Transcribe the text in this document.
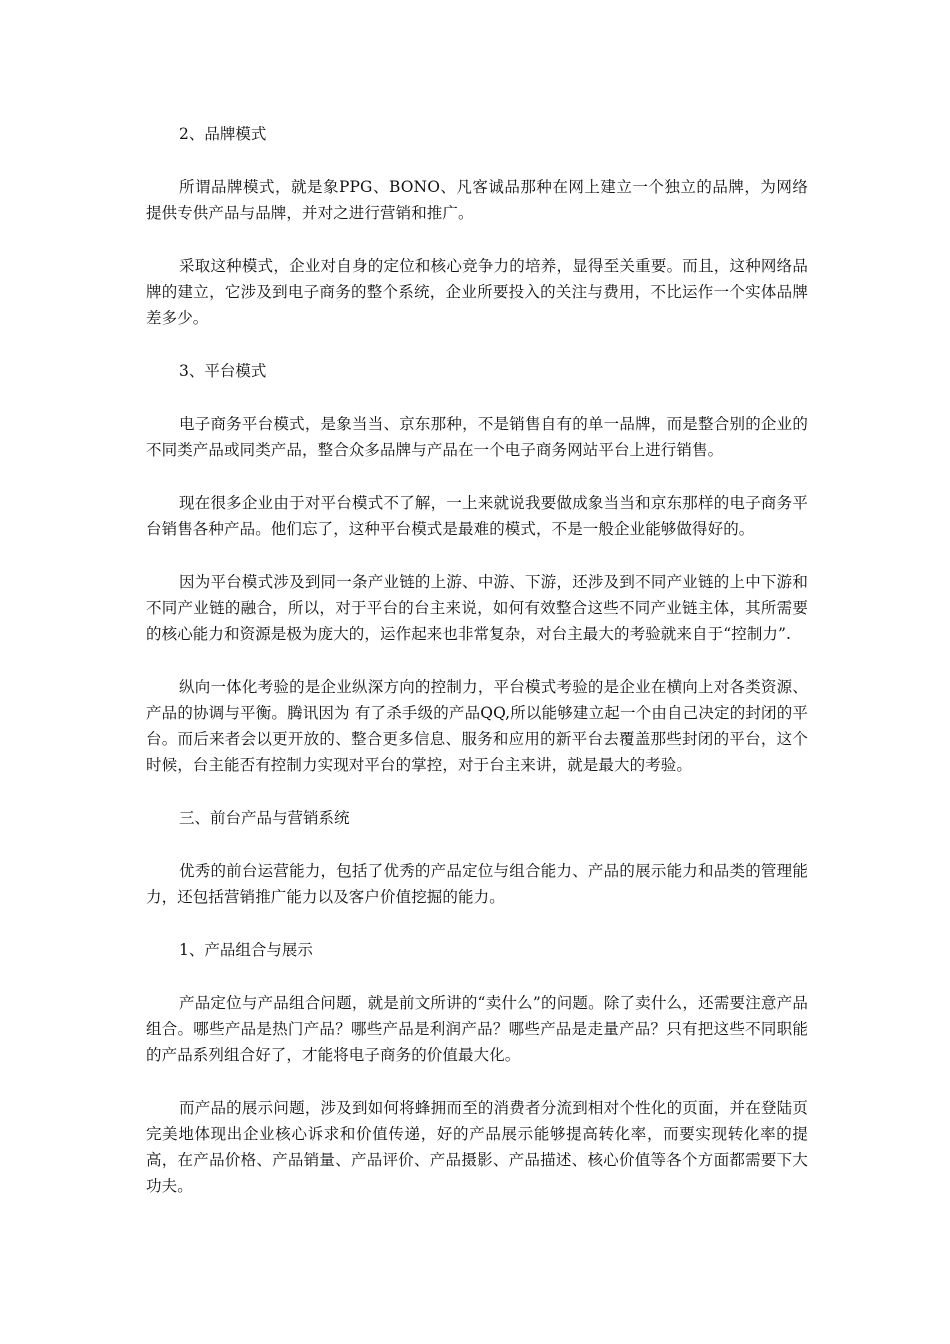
2、品牌模式

所谓品牌模式，就是象PPG、BONO、凡客诚品那种在网上建立一个独立的品牌，为网络提供专供产品与品牌，并对之进行营销和推广。

采取这种模式，企业对自身的定位和核心竞争力的培养，显得至关重要。而且，这种网络品牌的建立，它涉及到电子商务的整个系统，企业所要投入的关注与费用，不比运作一个实体品牌差多少。

3、平台模式

电子商务平台模式，是象当当、京东那种，不是销售自有的单一品牌，而是整合别的企业的不同类产品或同类产品，整合众多品牌与产品在一个电子商务网站平台上进行销售。

现在很多企业由于对平台模式不了解，一上来就说我要做成象当当和京东那样的电子商务平台销售各种产品。他们忘了，这种平台模式是最难的模式，不是一般企业能够做得好的。

因为平台模式涉及到同一条产业链的上游、中游、下游，还涉及到不同产业链的上中下游和不同产业链的融合，所以，对于平台的台主来说，如何有效整合这些不同产业链主体，其所需要的核心能力和资源是极为庞大的，运作起来也非常复杂，对台主最大的考验就来自于“控制力”.

纵向一体化考验的是企业纵深方向的控制力，平台模式考验的是企业在横向上对各类资源、产品的协调与平衡。腾讯因为 有了杀手级的产品QQ,所以能够建立起一个由自己决定的封闭的平台。而后来者会以更开放的、整合更多信息、服务和应用的新平台去覆盖那些封闭的平台，这个 时候，台主能否有控制力实现对平台的掌控，对于台主来讲，就是最大的考验。

三、前台产品与营销系统

优秀的前台运营能力，包括了优秀的产品定位与组合能力、产品的展示能力和品类的管理能力，还包括营销推广能力以及客户价值挖掘的能力。

1、产品组合与展示

产品定位与产品组合问题，就是前文所讲的“卖什么”的问题。除了卖什么，还需要注意产品组合。哪些产品是热门产品？哪些产品是利润产品？哪些产品是走量产品？只有把这些不同职能的产品系列组合好了，才能将电子商务的价值最大化。

而产品的展示问题，涉及到如何将蜂拥而至的消费者分流到相对个性化的页面，并在登陆页完美地体现出企业核心诉求和价值传递，好的产品展示能够提高转化率，而要实现转化率的提高，在产品价格、产品销量、产品评价、产品摄影、产品描述、核心价值等各个方面都需要下大功夫。
